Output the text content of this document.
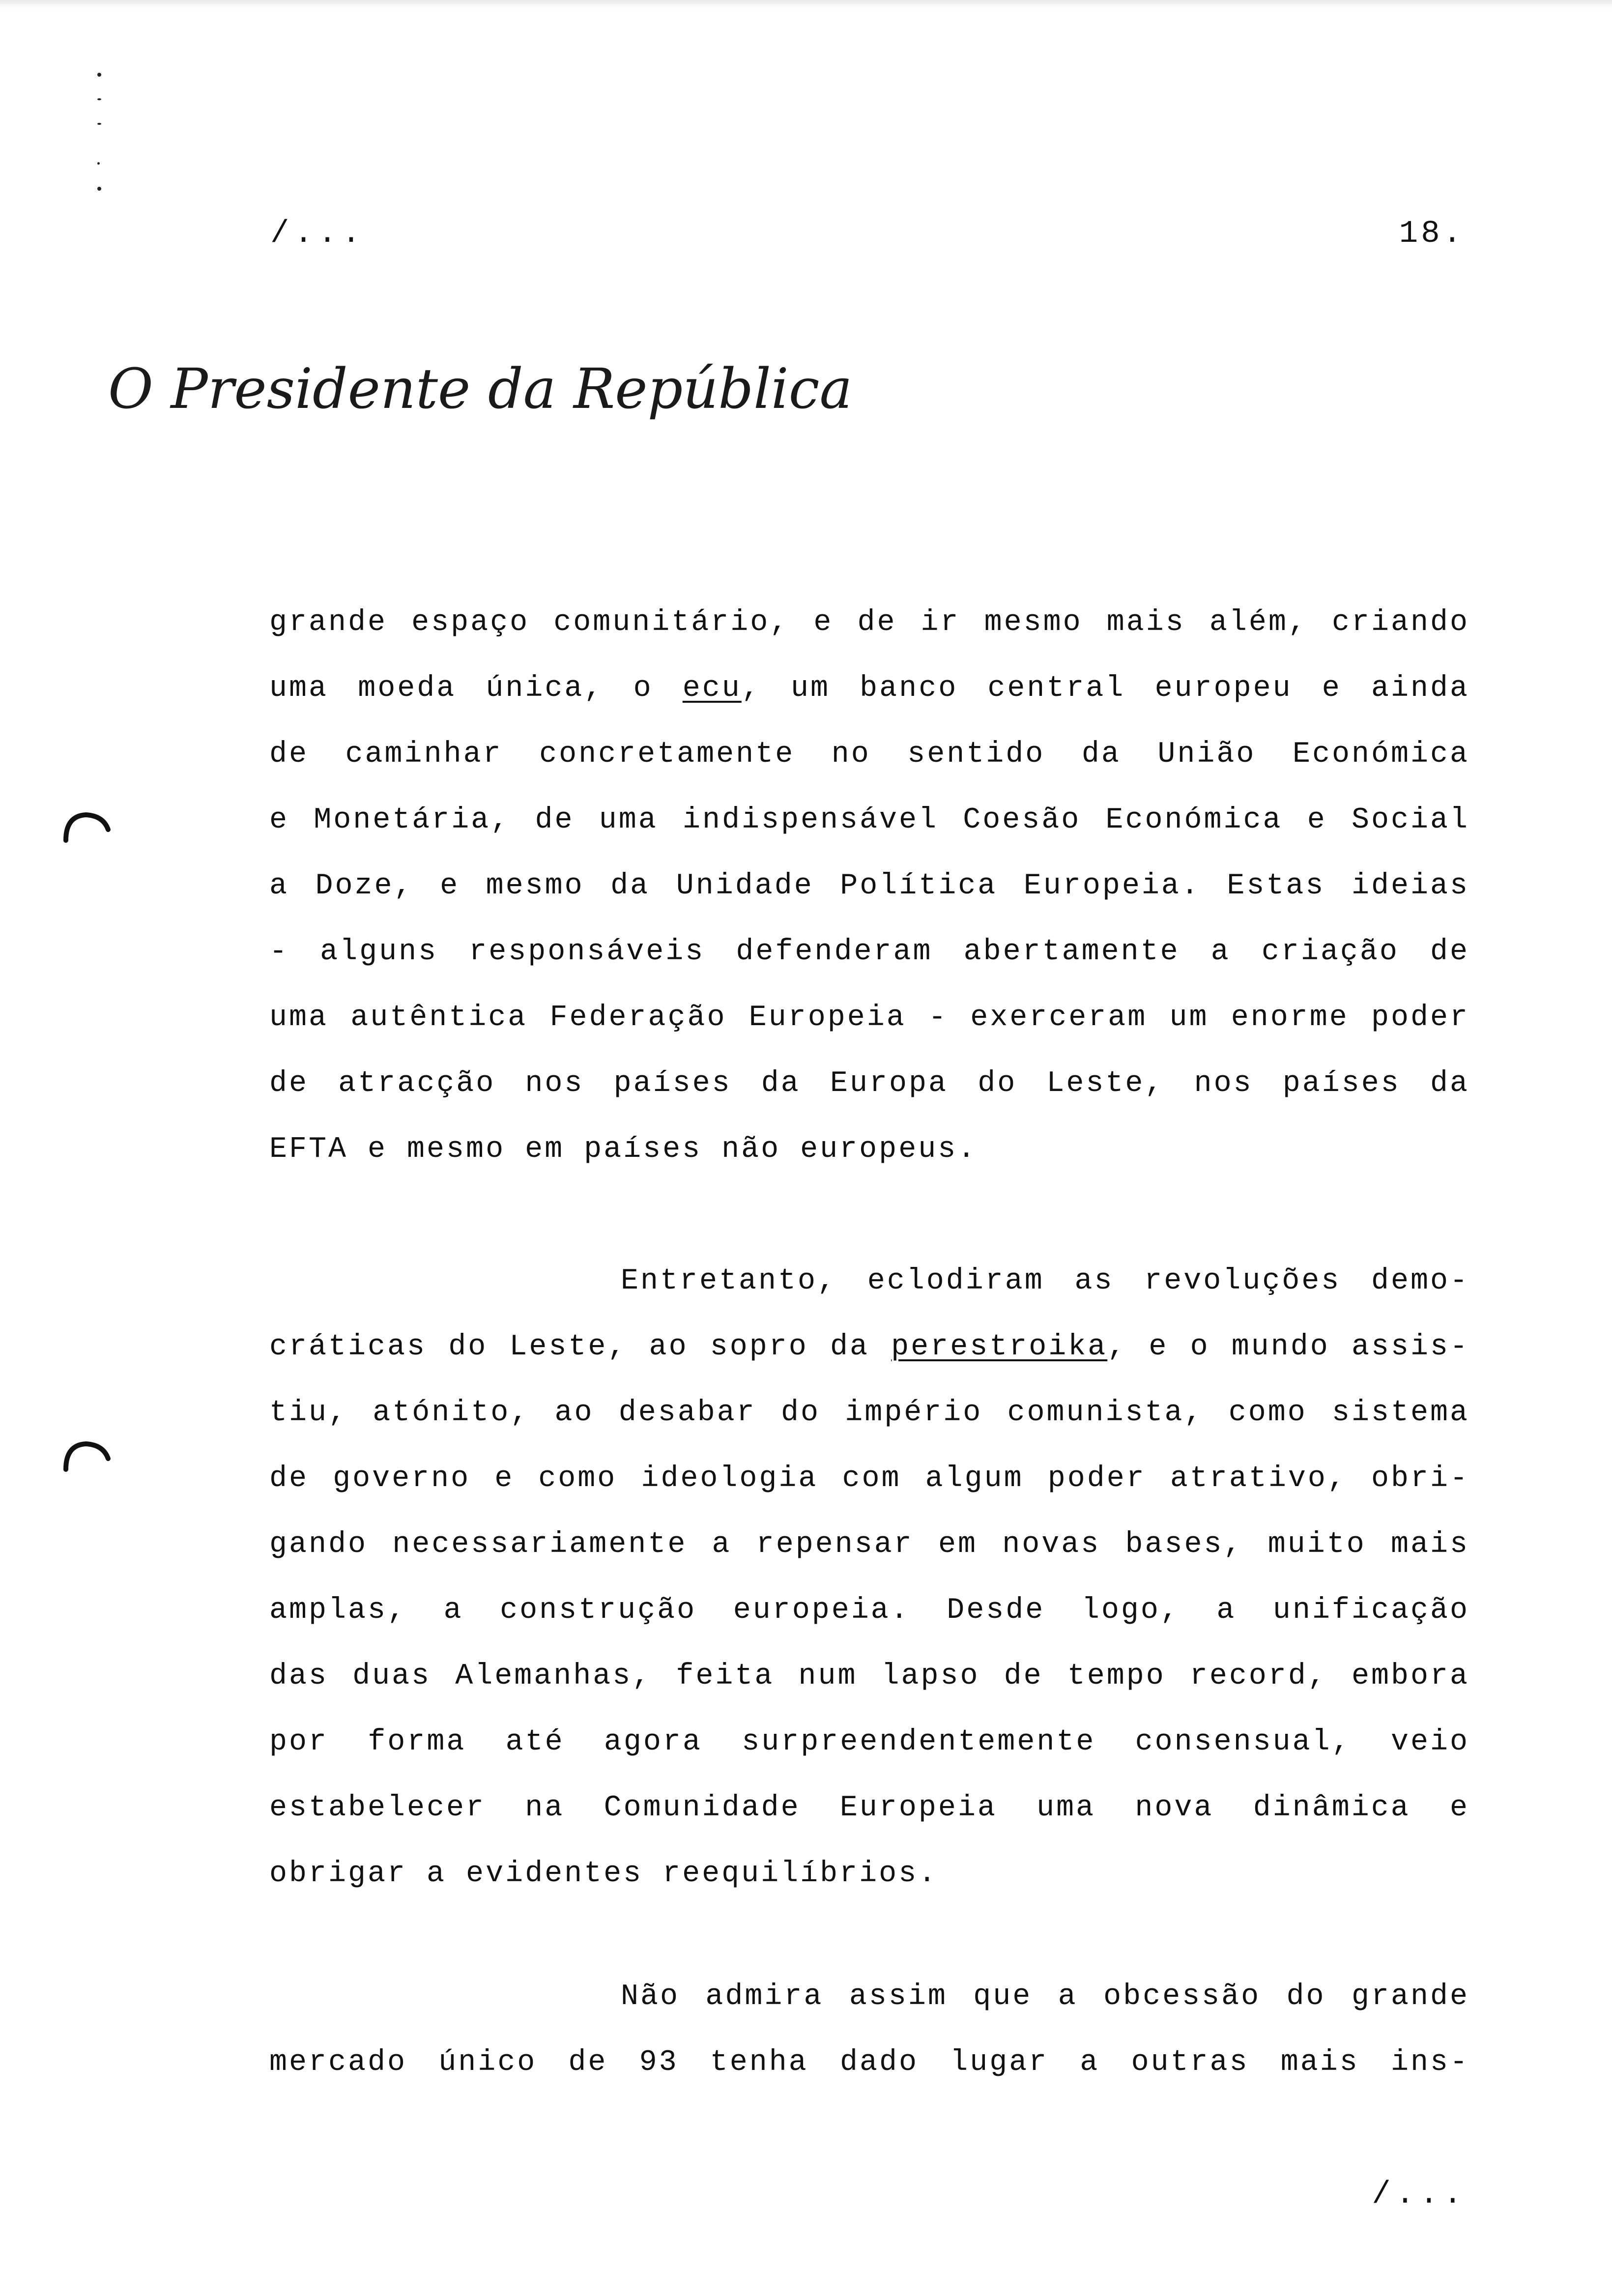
/...	18.
O Presidente da República
grande espaço comunitário, e de ir mesmo mais além, criando
uma moeda única, o ecu, um banco central europeu e ainda
de caminhar concretamente no sentido da União Económica
e Monetária, de uma indispensável Coesão Económica e Social
a Doze, e mesmo da Unidade Política Europeia. Estas ideias
- alguns responsáveis defenderam abertamente a criação de
uma autêntica Federação Europeia - exerceram um enorme poder
de atracção nos países da Europa do Leste, nos países da
EFTA e mesmo em países não europeus.
Entretanto, eclodiram as revoluções demo-
cráticas do Leste, ao sopro da perestroika, e o mundo assis-
tiu, atónito, ao desabar do império comunista, como sistema
de governo e como ideologia com algum poder atrativo, obri-
gando necessariamente a repensar em novas bases, muito mais
amplas, a construção europeia. Desde logo, a unificação
das duas Alemanhas, feita num lapso de tempo record, embora
por forma até agora surpreendentemente consensual, veio
estabelecer na Comunidade Europeia uma nova dinâmica e
obrigar a evidentes reequilíbrios.
Não admira assim que a obcessão do grande
mercado único de 93 tenha dado lugar a outras mais ins-
/...
